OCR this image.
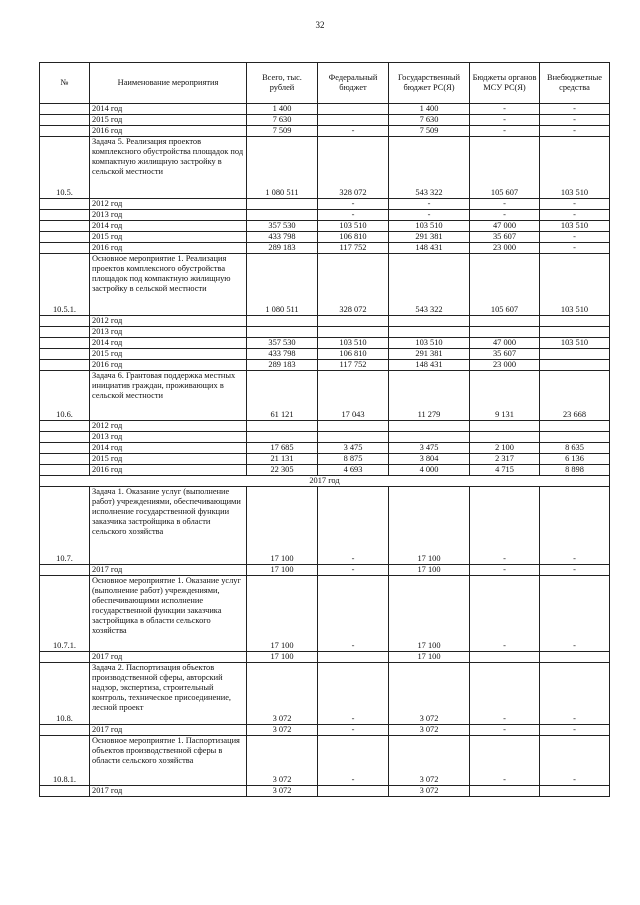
32
№	Наименование мероприятия	Всего, тыс. рублей	Федеральный бюджет	Государственный бюджет РС(Я)	Бюджеты органов МСУ РС(Я)	Внебюджетные средства
	2014 год	1 400		1 400	-	-
	2015 год	7 630		7 630	-	-
	2016 год	7 509	-	7 509	-	-
10.5.	Задача 5. Реализация проектов комплексного обустройства площадок под компактную жилищную застройку в сельской местности	1 080 511	328 072	543 322	105 607	103 510
	2012 год		-	-	-	-
	2013 год		-	-	-	-
	2014 год	357 530	103 510	103 510	47 000	103 510
	2015 год	433 798	106 810	291 381	35 607	-
	2016 год	289 183	117 752	148 431	23 000	-
10.5.1.	Основное мероприятие 1. Реализация проектов комплексного обустройства площадок под компактную жилищную застройку в сельской местности	1 080 511	328 072	543 322	105 607	103 510
	2012 год					
	2013 год					
	2014 год	357 530	103 510	103 510	47 000	103 510
	2015 год	433 798	106 810	291 381	35 607	
	2016 год	289 183	117 752	148 431	23 000	
10.6.	Задача 6. Грантовая поддержка местных инициатив граждан, проживающих в сельской местности	61 121	17 043	11 279	9 131	23 668
	2012 год					
	2013 год					
	2014 год	17 685	3 475	3 475	2 100	8 635
	2015 год	21 131	8 875	3 804	2 317	6 136
	2016 год	22 305	4 693	4 000	4 715	8 898
2017 год						
10.7.	Задача 1. Оказание услуг (выполнение работ) учреждениями, обеспечивающими исполнение государственной функции заказчика застройщика в области сельского хозяйства	17 100	-	17 100	-	-
	2017 год	17 100	-	17 100	-	-
10.7.1.	Основное мероприятие 1. Оказание услуг (выполнение работ) учреждениями, обеспечивающими исполнение государственной функции заказчика застройщика в области сельского хозяйства	17 100	-	17 100	-	-
	2017 год	17 100		17 100		
10.8.	Задача 2. Паспортизация объектов производственной сферы, авторский надзор, экспертиза, строительный контроль, техническое присоединение, лесной проект	3 072	-	3 072	-	-
	2017 год	3 072	-	3 072	-	-
10.8.1.	Основное мероприятие 1. Паспортизация объектов производственной сферы в области сельского хозяйства	3 072	-	3 072	-	-
	2017 год	3 072		3 072		
